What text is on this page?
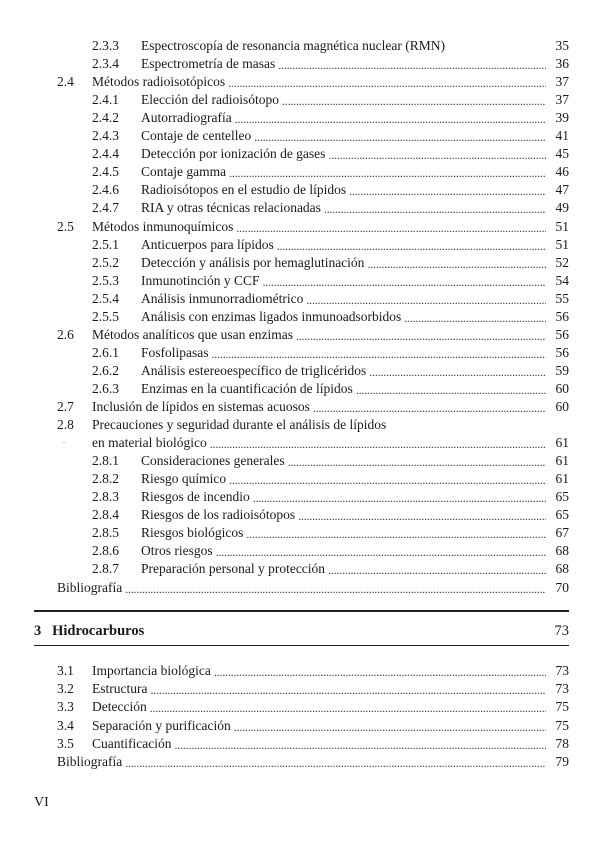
2.3.3	Espectroscopía de resonancia magnética nuclear (RMN)	35
2.3.4	Espectrometría de masas . . .	36
2.4	Métodos radioisotópicos . . .	37
2.4.1	Elección del radioisótopo . . .	37
2.4.2	Autorradiografía . . .	39
2.4.3	Contaje de centelleo . . .	41
2.4.4	Detección por ionización de gases . . .	45
2.4.5	Contaje gamma . . .	46
2.4.6	Radioisótopos en el estudio de lípidos . . .	47
2.4.7	RIA y otras técnicas relacionadas . . .	49
2.5	Métodos inmunoquímicos . . .	51
2.5.1	Anticuerpos para lípidos . . .	51
2.5.2	Detección y análisis por hemaglutinación . . .	52
2.5.3	Inmunotinción y CCF . . .	54
2.5.4	Análisis inmunorradiométrico . . .	55
2.5.5	Análisis con enzimas ligados inmunoadsorbidos . . .	56
2.6	Métodos analíticos que usan enzimas . . .	56
2.6.1	Fosfolipasas . . .	56
2.6.2	Análisis estereoespecífico de triglicéridos . . .	59
2.6.3	Enzimas en la cuantificación de lípidos . . .	60
2.7	Inclusión de lípidos en sistemas acuosos . . .	60
2.8	Precauciones y seguridad durante el análisis de lípidos
en material biológico . . .	61
2.8.1	Consideraciones generales . . .	61
2.8.2	Riesgo químico . . .	61
2.8.3	Riesgos de incendio . . .	65
2.8.4	Riesgos de los radioisótopos . . .	65
2.8.5	Riesgos biológicos . . .	67
2.8.6	Otros riesgos . . .	68
2.8.7	Preparación personal y protección . . .	68
Bibliografía . . .	70
3 Hidrocarburos	73
3.1	Importancia biológica . . .	73
3.2	Estructura . . .	73
3.3	Detección . . .	75
3.4	Separación y purificación . . .	75
3.5	Cuantificación . . .	78
Bibliografía . . .	79
.
VI
